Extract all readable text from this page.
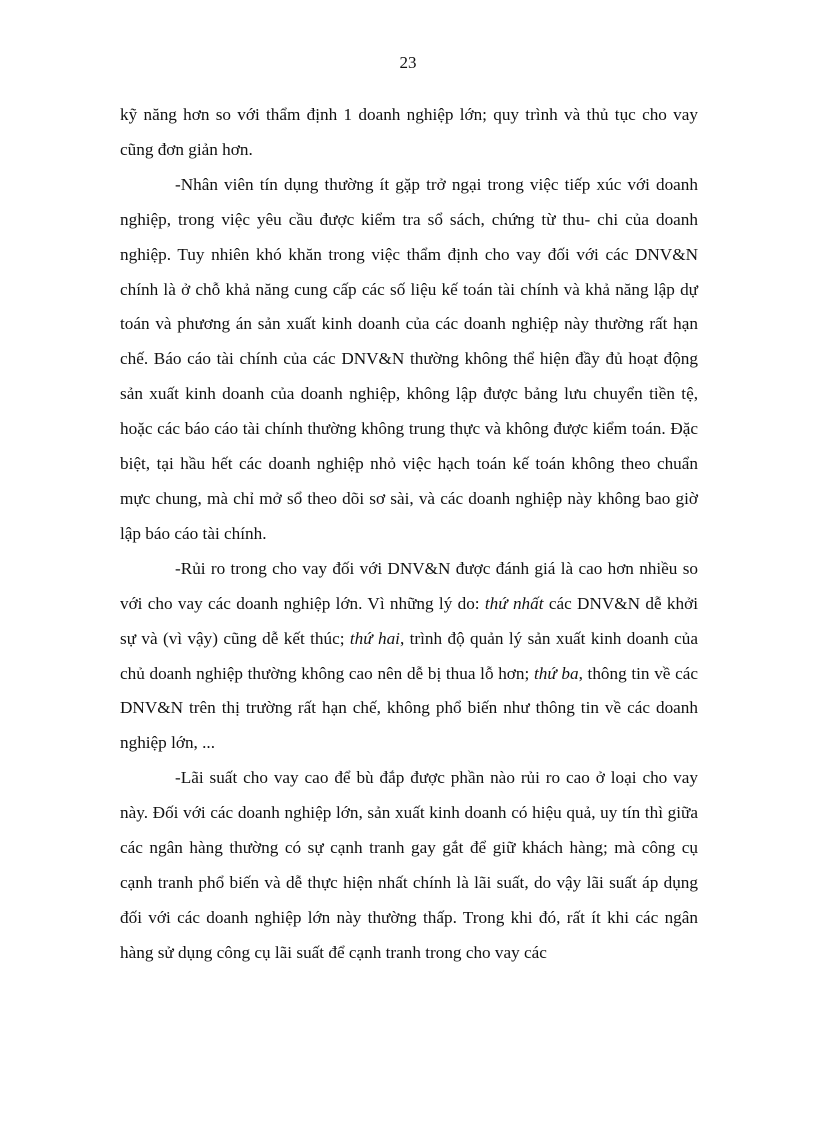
23

kỹ năng hơn so với thẩm định 1 doanh nghiệp lớn; quy trình và thủ tục cho vay cũng đơn giản hơn.

-Nhân viên tín dụng thường ít gặp trở ngại trong việc tiếp xúc với doanh nghiệp, trong việc yêu cầu được kiểm tra sổ sách, chứng từ thu- chi của doanh nghiệp. Tuy nhiên khó khăn trong việc thẩm định cho vay đối với các DNV&N chính là ở chỗ khả năng cung cấp các số liệu kế toán tài chính và khả năng lập dự toán và phương án sản xuất kinh doanh của các doanh nghiệp này thường rất hạn chế. Báo cáo tài chính của các DNV&N thường không thể hiện đầy đủ hoạt động sản xuất kinh doanh của doanh nghiệp, không lập được bảng lưu chuyển tiền tệ, hoặc các báo cáo tài chính thường không trung thực và không được kiểm toán. Đặc biệt, tại hầu hết các doanh nghiệp nhỏ việc hạch toán kế toán không theo chuẩn mực chung, mà chỉ mở sổ theo dõi sơ sài, và các doanh nghiệp này không bao giờ lập báo cáo tài chính.

-Rủi ro trong cho vay đối với DNV&N được đánh giá là cao hơn nhiều so với cho vay các doanh nghiệp lớn. Vì những lý do: thứ nhất các DNV&N dễ khởi sự và (vì vậy) cũng dễ kết thúc; thứ hai, trình độ quản lý sản xuất kinh doanh của chủ doanh nghiệp thường không cao nên dễ bị thua lỗ hơn; thứ ba, thông tin về các DNV&N trên thị trường rất hạn chế, không phổ biến như thông tin về các doanh nghiệp lớn, ...

-Lãi suất cho vay cao để bù đắp được phần nào rủi ro cao ở loại cho vay này. Đối với các doanh nghiệp lớn, sản xuất kinh doanh có hiệu quả, uy tín thì giữa các ngân hàng thường có sự cạnh tranh gay gắt để giữ khách hàng; mà công cụ cạnh tranh phổ biến và dễ thực hiện nhất chính là lãi suất, do vậy lãi suất áp dụng đối với các doanh nghiệp lớn này thường thấp. Trong khi đó, rất ít khi các ngân hàng sử dụng công cụ lãi suất để cạnh tranh trong cho vay các
